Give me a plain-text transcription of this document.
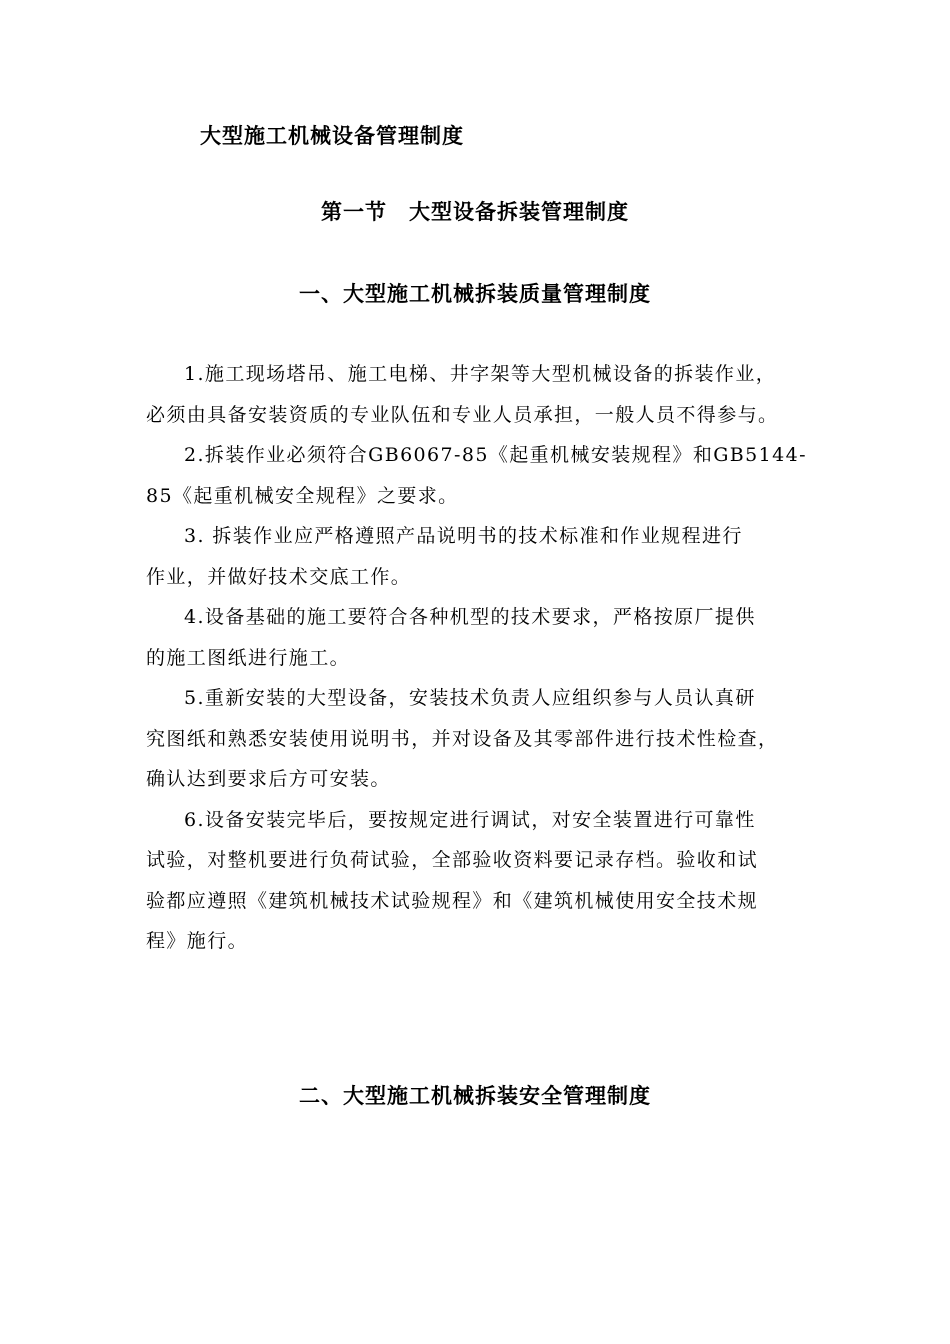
大型施工机械设备管理制度
第一节　大型设备拆装管理制度
一、大型施工机械拆装质量管理制度
1.施工现场塔吊、施工电梯、井字架等大型机械设备的拆装作业，
必须由具备安装资质的专业队伍和专业人员承担，一般人员不得参与。
2.拆装作业必须符合GB6067-85《起重机械安装规程》和GB5144-
85《起重机械安全规程》之要求。
3. 拆装作业应严格遵照产品说明书的技术标准和作业规程进行
作业，并做好技术交底工作。
4.设备基础的施工要符合各种机型的技术要求，严格按原厂提供
的施工图纸进行施工。
5.重新安装的大型设备，安装技术负责人应组织参与人员认真研
究图纸和熟悉安装使用说明书，并对设备及其零部件进行技术性检查，
确认达到要求后方可安装。
6.设备安装完毕后，要按规定进行调试，对安全装置进行可靠性
试验，对整机要进行负荷试验，全部验收资料要记录存档。验收和试
验都应遵照《建筑机械技术试验规程》和《建筑机械使用安全技术规
程》施行。
二、大型施工机械拆装安全管理制度
